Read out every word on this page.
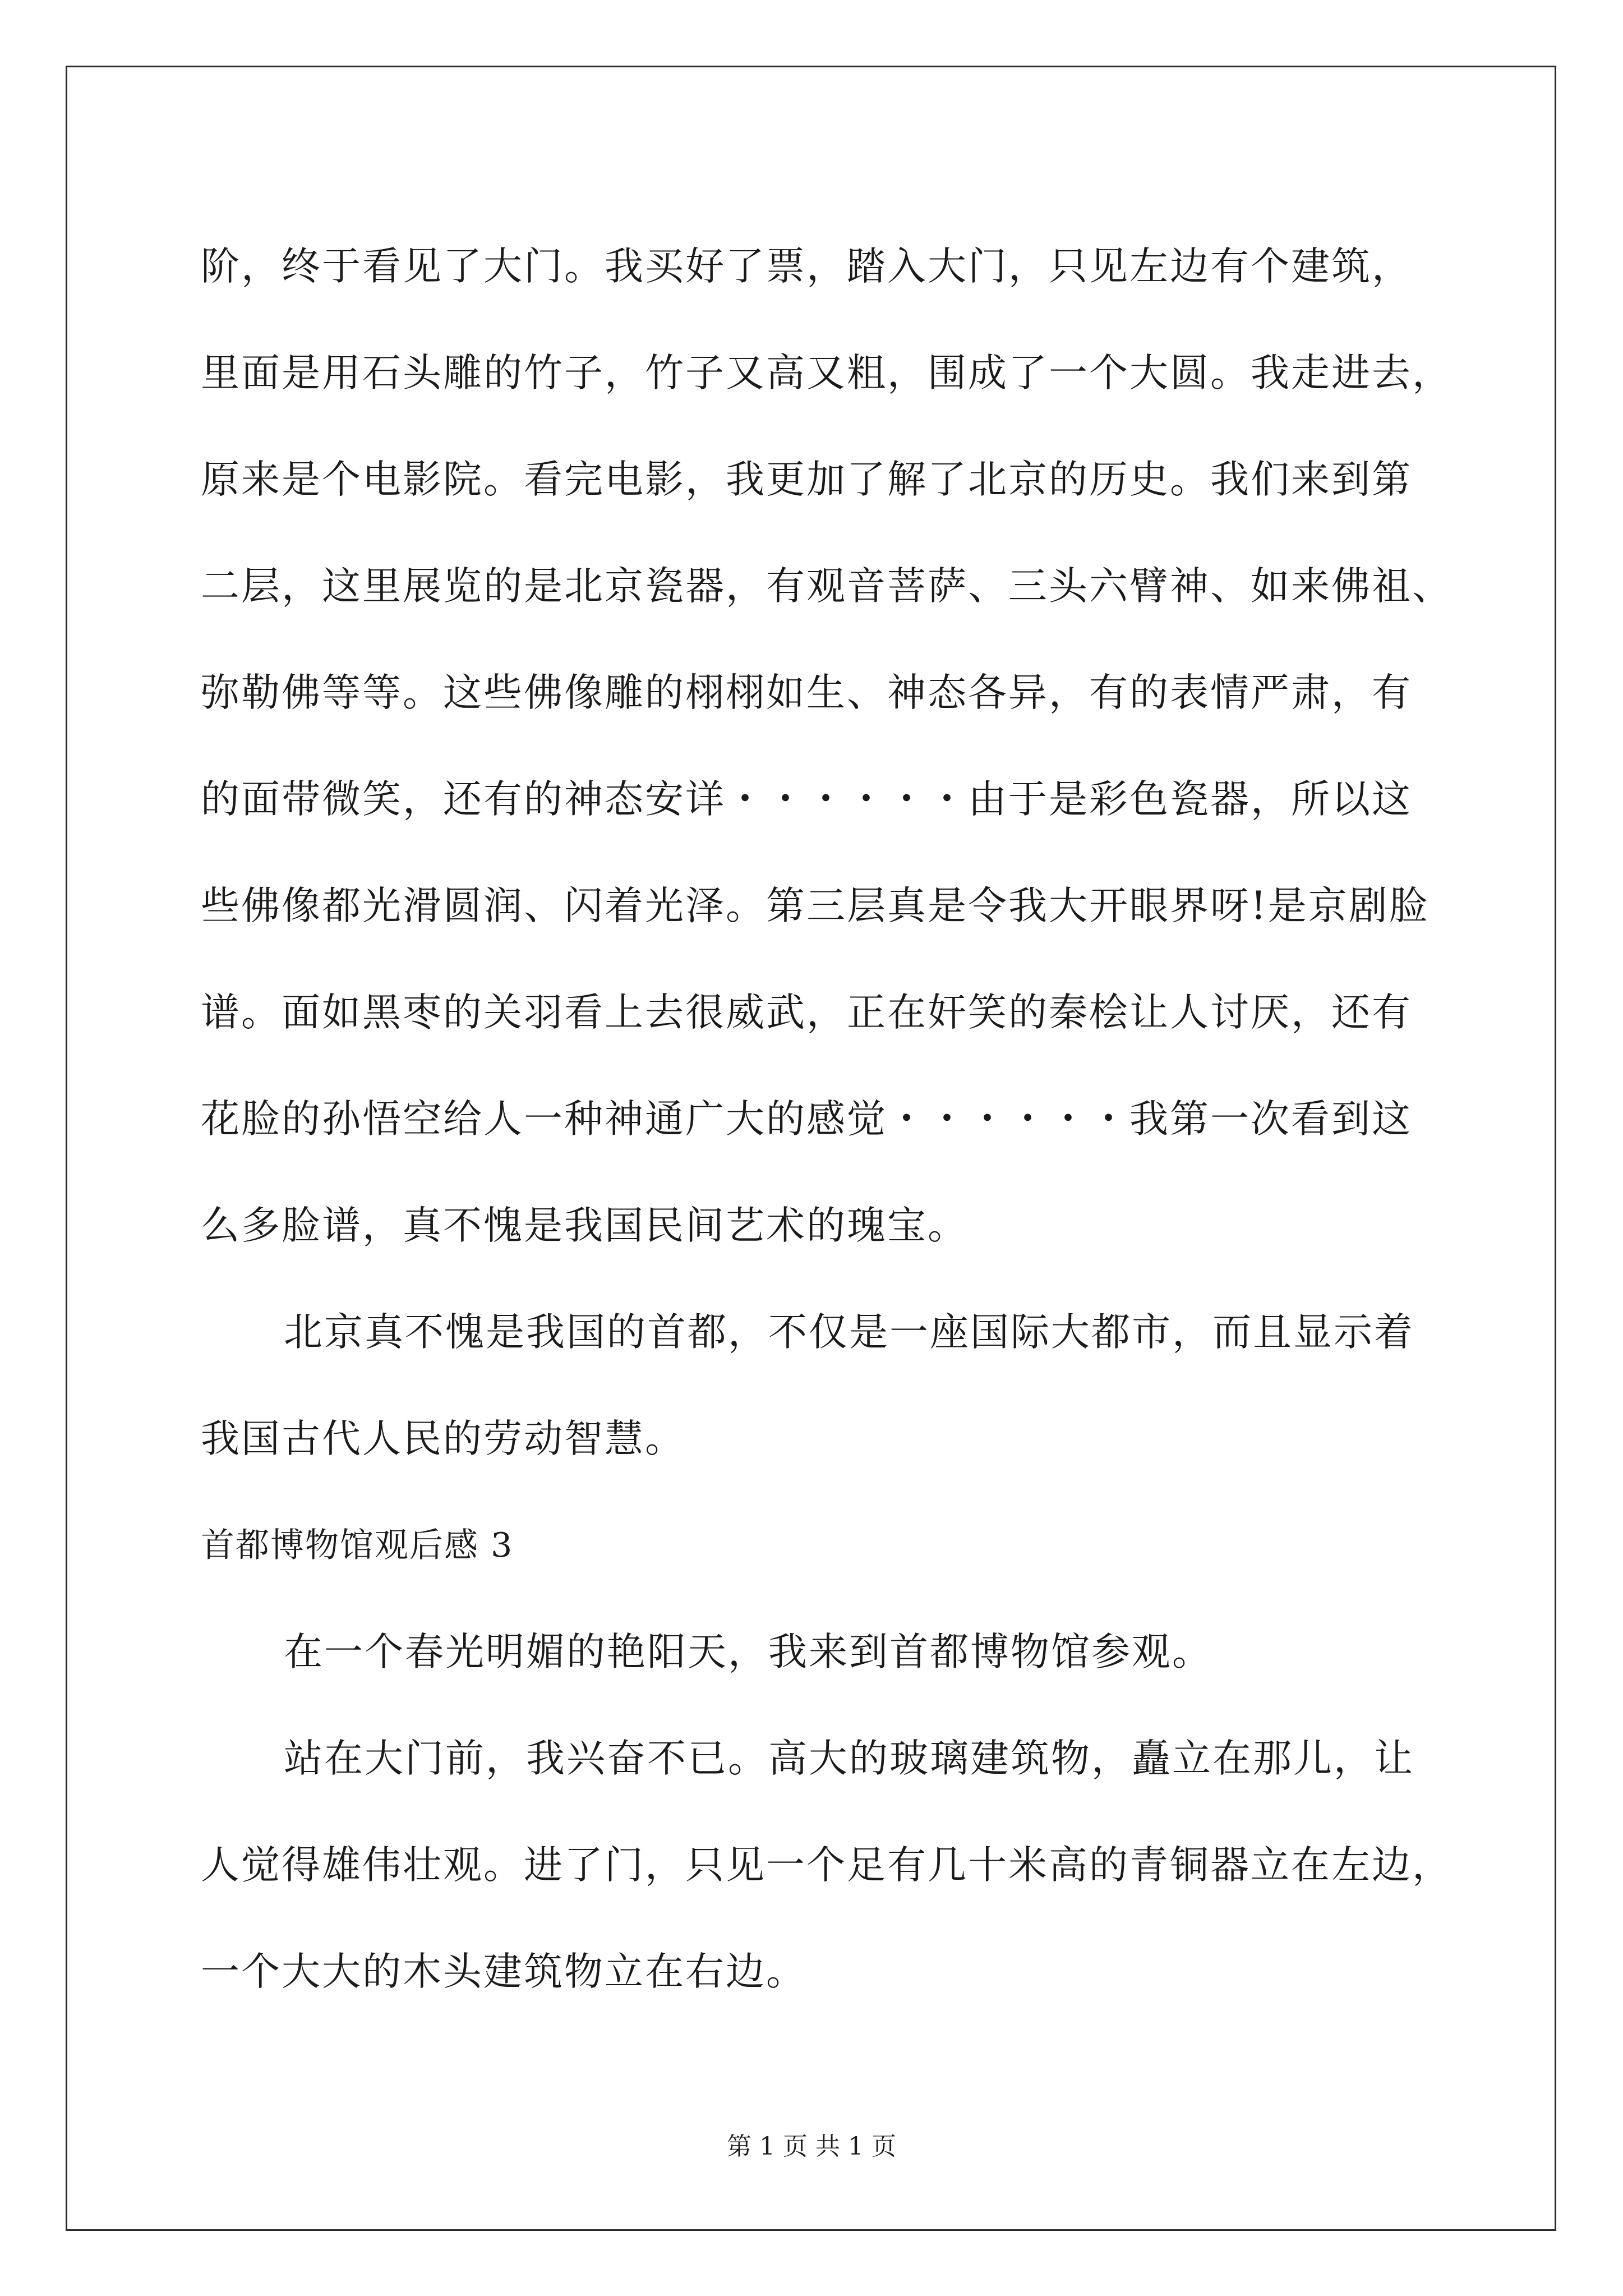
阶，终于看见了大门。我买好了票，踏入大门，只见左边有个建筑，
里面是用石头雕的竹子，竹子又高又粗，围成了一个大圆。我走进去，
原来是个电影院。看完电影，我更加了解了北京的历史。我们来到第
二层，这里展览的是北京瓷器，有观音菩萨、三头六臂神、如来佛祖、
弥勒佛等等。这些佛像雕的栩栩如生、神态各异，有的表情严肃，有
的面带微笑，还有的神态安详・・・・・・由于是彩色瓷器，所以这
些佛像都光滑圆润、闪着光泽。第三层真是令我大开眼界呀!是京剧脸
谱。面如黑枣的关羽看上去很威武，正在奸笑的秦桧让人讨厌，还有
花脸的孙悟空给人一种神通广大的感觉・・・・・・我第一次看到这
么多脸谱，真不愧是我国民间艺术的瑰宝。
北京真不愧是我国的首都，不仅是一座国际大都市，而且显示着
我国古代人民的劳动智慧。
首都博物馆观后感 3
在一个春光明媚的艳阳天，我来到首都博物馆参观。
站在大门前，我兴奋不已。高大的玻璃建筑物，矗立在那儿，让
人觉得雄伟壮观。进了门，只见一个足有几十米高的青铜器立在左边，
一个大大的木头建筑物立在右边。
第 1 页 共 1 页
